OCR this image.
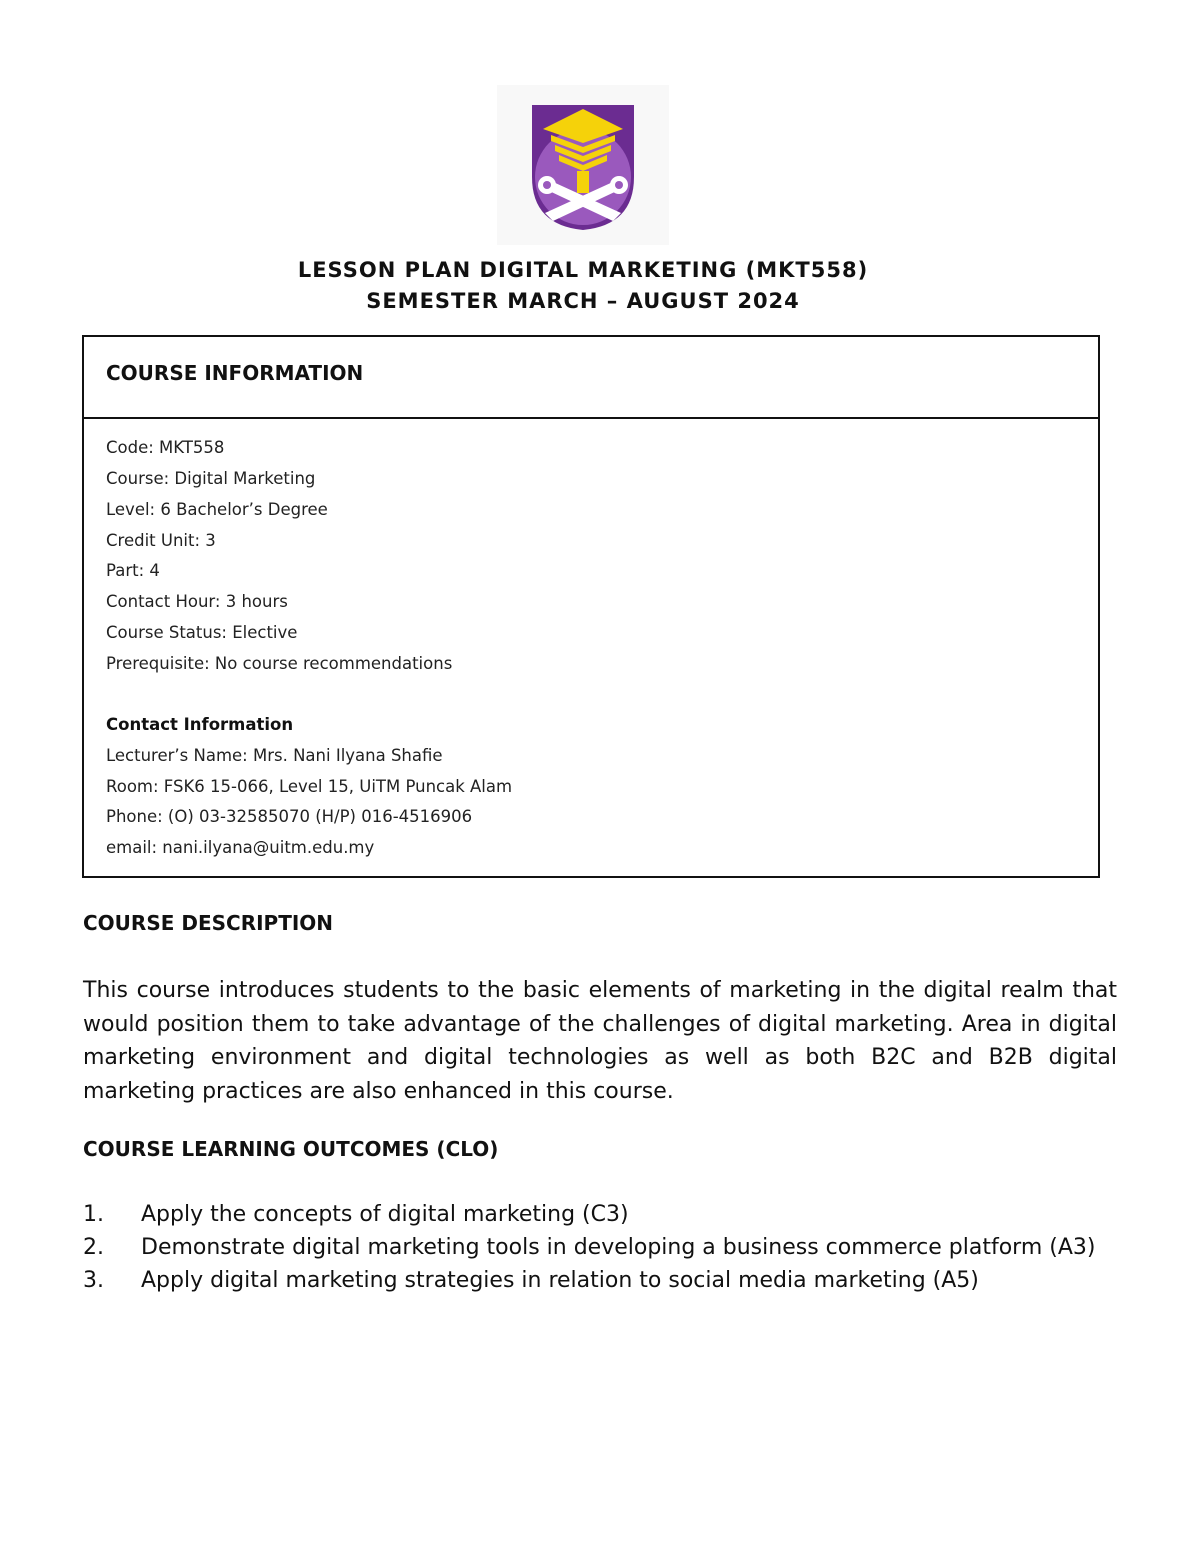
LESSON PLAN DIGITAL MARKETING (MKT558)
SEMESTER MARCH – AUGUST 2024
COURSE INFORMATION
Code: MKT558
Course: Digital Marketing
Level: 6 Bachelor’s Degree
Credit Unit: 3
Part: 4
Contact Hour: 3 hours
Course Status: Elective
Prerequisite: No course recommendations
Contact Information
Lecturer’s Name: Mrs. Nani Ilyana Shafie
Room: FSK6 15-066, Level 15, UiTM Puncak Alam
Phone: (O) 03-32585070 (H/P) 016-4516906
email: nani.ilyana@uitm.edu.my
COURSE DESCRIPTION
This course introduces students to the basic elements of marketing in the digital realm that would position them to take advantage of the challenges of digital marketing. Area in digital marketing environment and digital technologies as well as both B2C and B2B digital marketing practices are also enhanced in this course.
COURSE LEARNING OUTCOMES (CLO)
1. Apply the concepts of digital marketing (C3)
2. Demonstrate digital marketing tools in developing a business commerce platform (A3)
3. Apply digital marketing strategies in relation to social media marketing (A5)
